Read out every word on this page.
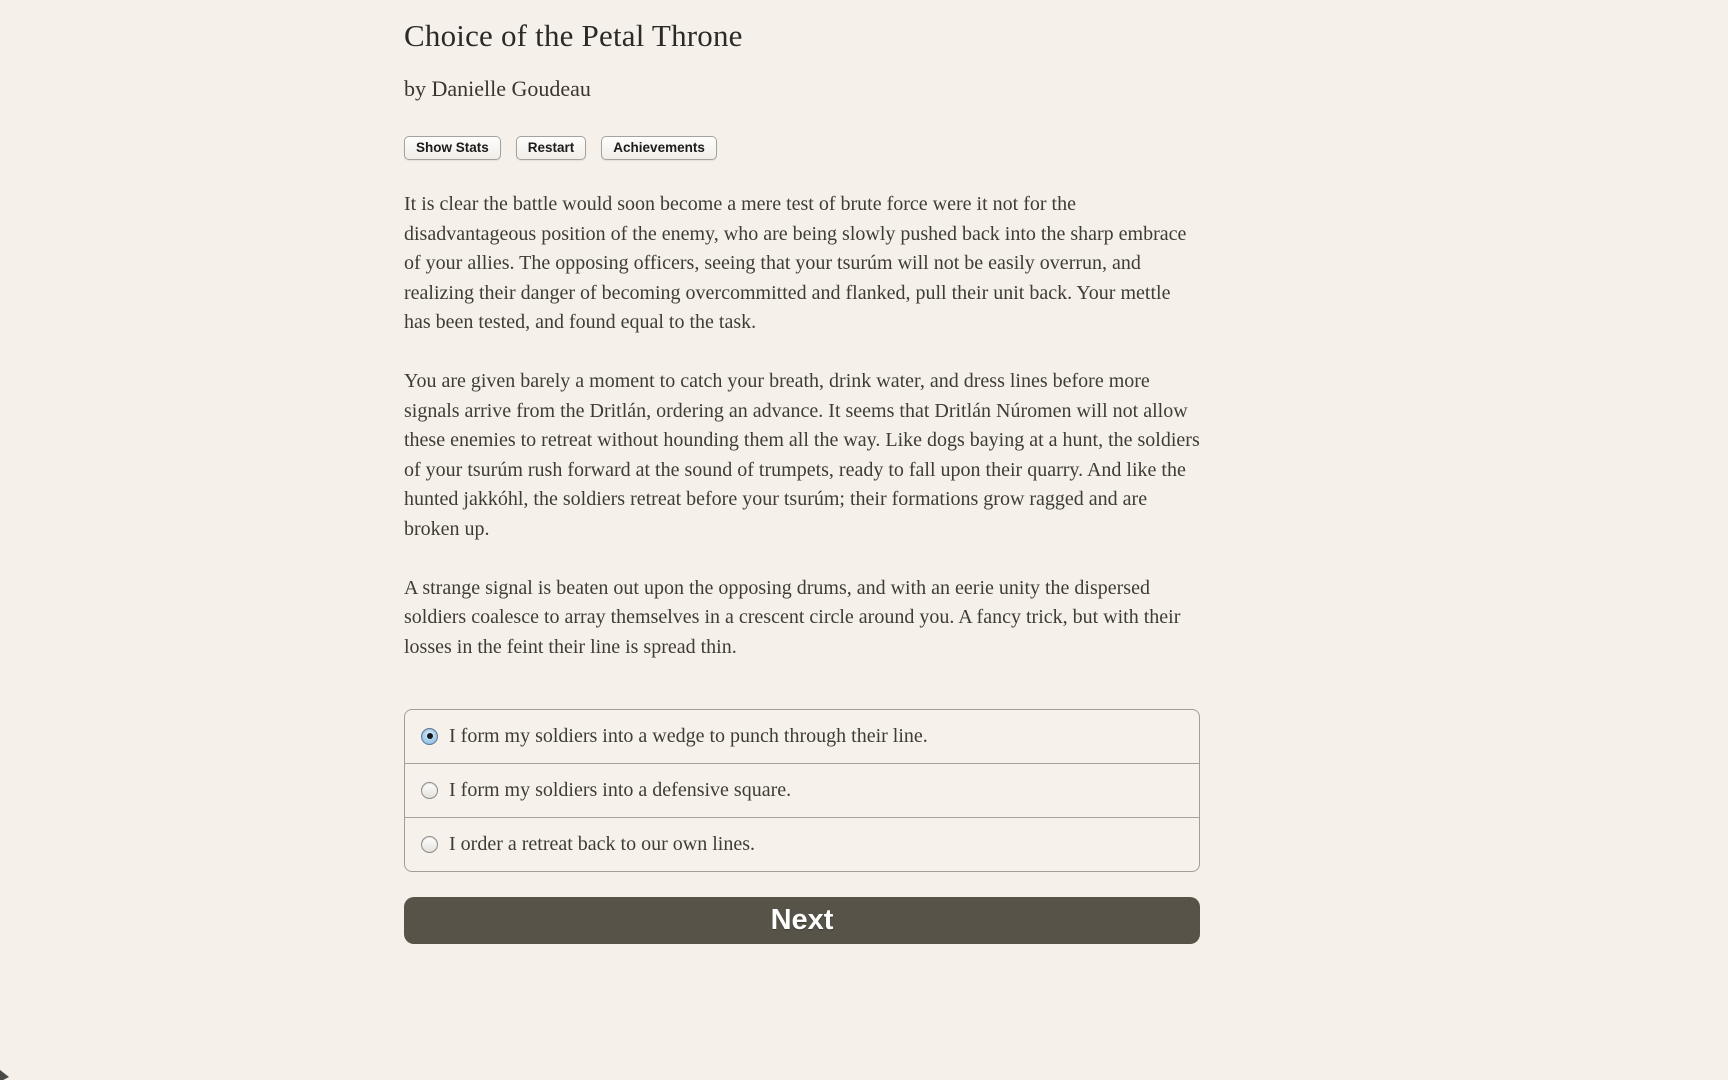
Choice of the Petal Throne
by Danielle Goudeau
Show Stats	Restart	Achievements

It is clear the battle would soon become a mere test of brute force were it not for the disadvantageous position of the enemy, who are being slowly pushed back into the sharp embrace of your allies. The opposing officers, seeing that your tsurúm will not be easily overrun, and realizing their danger of becoming overcommitted and flanked, pull their unit back. Your mettle has been tested, and found equal to the task.

You are given barely a moment to catch your breath, drink water, and dress lines before more signals arrive from the Dritlán, ordering an advance. It seems that Dritlán Núromen will not allow these enemies to retreat without hounding them all the way. Like dogs baying at a hunt, the soldiers of your tsurúm rush forward at the sound of trumpets, ready to fall upon their quarry. And like the hunted jakkóhl, the soldiers retreat before your tsurúm; their formations grow ragged and are broken up.

A strange signal is beaten out upon the opposing drums, and with an eerie unity the dispersed soldiers coalesce to array themselves in a crescent circle around you. A fancy trick, but with their losses in the feint their line is spread thin.

I form my soldiers into a wedge to punch through their line.
I form my soldiers into a defensive square.
I order a retreat back to our own lines.
Next
